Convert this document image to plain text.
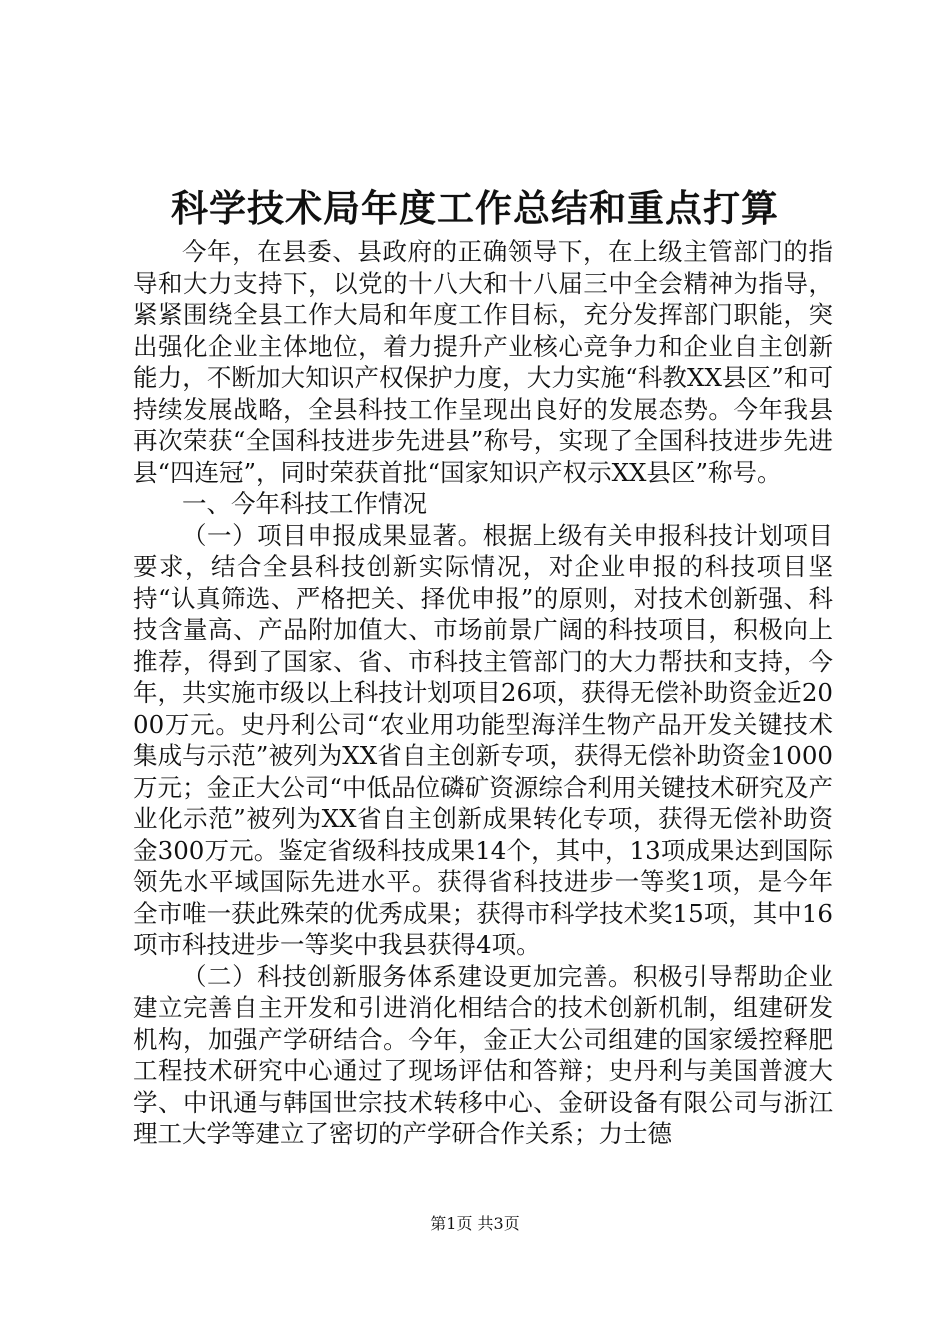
科学技术局年度工作总结和重点打算

今年，在县委、县政府的正确领导下，在上级主管部门的指导和大力支持下，以党的十八大和十八届三中全会精神为指导，紧紧围绕全县工作大局和年度工作目标，充分发挥部门职能，突出强化企业主体地位，着力提升产业核心竞争力和企业自主创新能力，不断加大知识产权保护力度，大力实施“科教XX县区”和可持续发展战略，全县科技工作呈现出良好的发展态势。今年我县再次荣获“全国科技进步先进县”称号，实现了全国科技进步先进县“四连冠”，同时荣获首批“国家知识产权示XX县区”称号。

一、今年科技工作情况

（一）项目申报成果显著。根据上级有关申报科技计划项目要求，结合全县科技创新实际情况，对企业申报的科技项目坚持“认真筛选、严格把关、择优申报”的原则，对技术创新强、科技含量高、产品附加值大、市场前景广阔的科技项目，积极向上推荐，得到了国家、省、市科技主管部门的大力帮扶和支持，今年，共实施市级以上科技计划项目26项，获得无偿补助资金近2000万元。史丹利公司“农业用功能型海洋生物产品开发关键技术集成与示范”被列为XX省自主创新专项，获得无偿补助资金1000万元；金正大公司“中低品位磷矿资源综合利用关键技术研究及产业化示范”被列为XX省自主创新成果转化专项，获得无偿补助资金300万元。鉴定省级科技成果14个，其中，13项成果达到国际领先水平域国际先进水平。获得省科技进步一等奖1项，是今年全市唯一获此殊荣的优秀成果；获得市科学技术奖15项，其中16项市科技进步一等奖中我县获得4项。

（二）科技创新服务体系建设更加完善。积极引导帮助企业建立完善自主开发和引进消化相结合的技术创新机制，组建研发机构，加强产学研结合。今年，金正大公司组建的国家缓控释肥工程技术研究中心通过了现场评估和答辩；史丹利与美国普渡大学、中讯通与韩国世宗技术转移中心、金研设备有限公司与浙江理工大学等建立了密切的产学研合作关系；力士德

第1页 共3页
